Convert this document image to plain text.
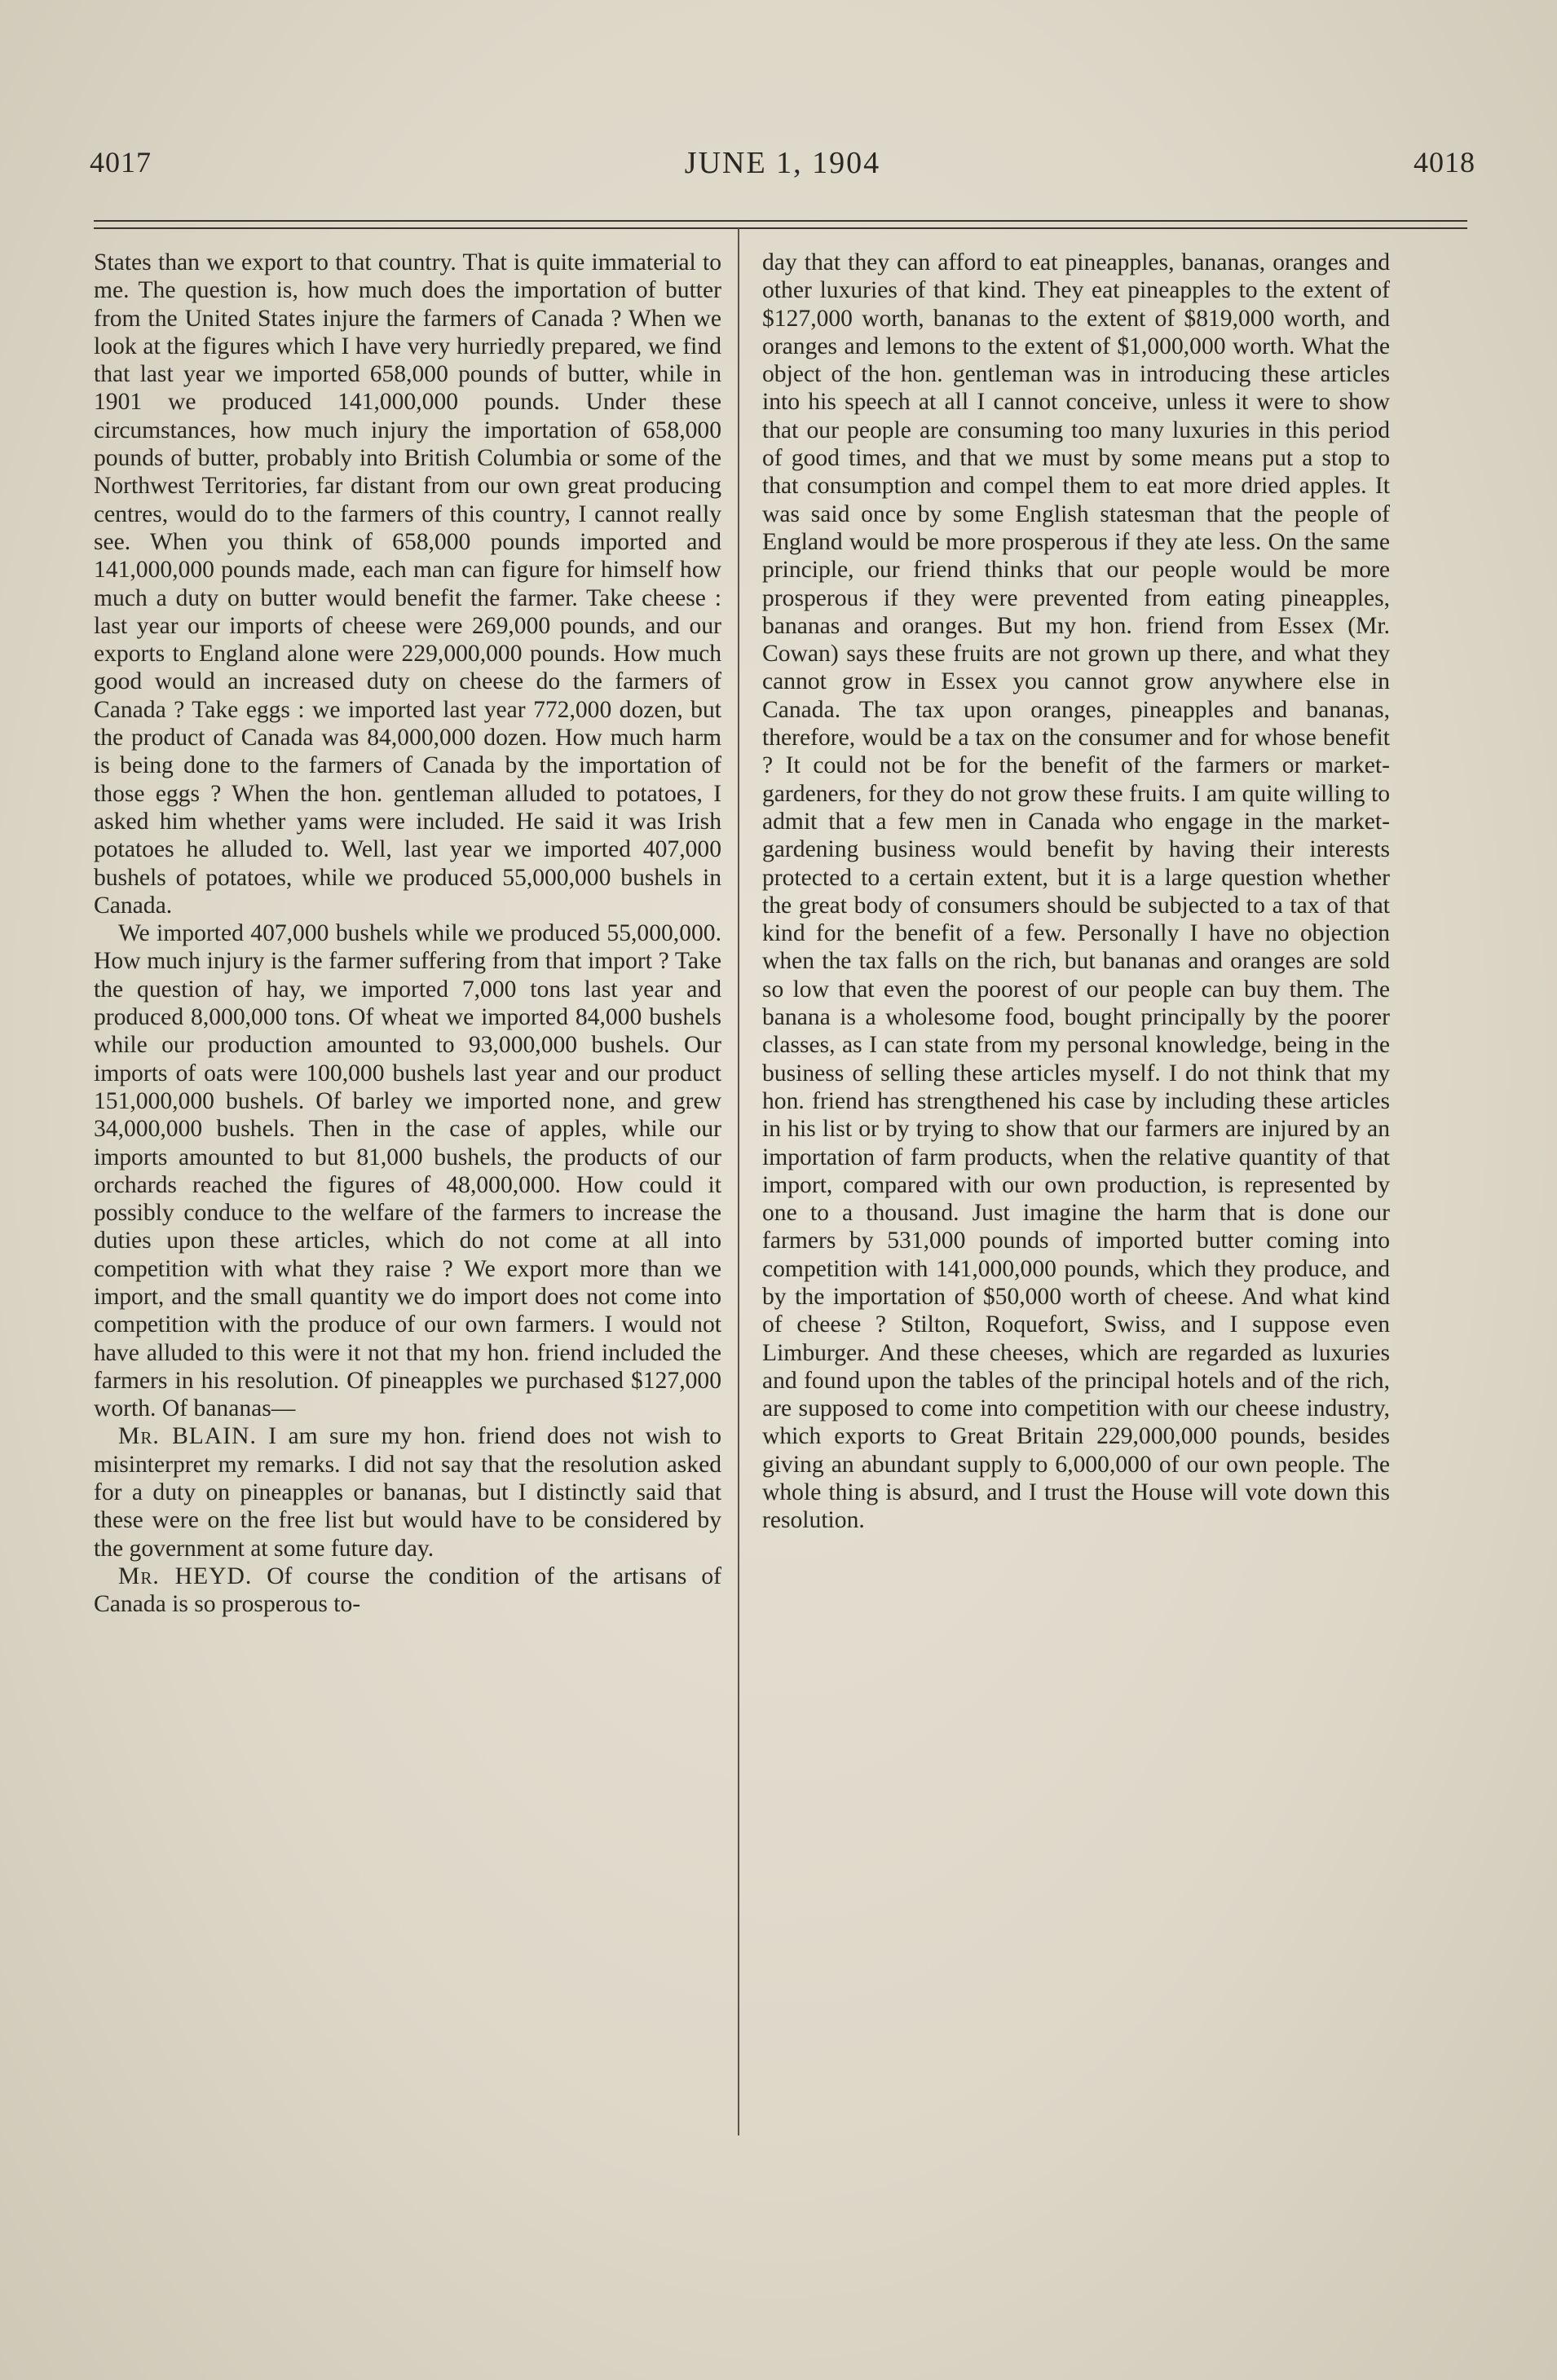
4017	JUNE 1, 1904	4018

States than we export to that country. That is quite immaterial to me. The question is, how much does the importation of butter from the United States injure the farmers of Canada ? When we look at the figures which I have very hurriedly prepared, we find that last year we imported 658,000 pounds of butter, while in 1901 we produced 141,000,000 pounds. Under these circumstances, how much injury the importation of 658,000 pounds of butter, probably into British Columbia or some of the Northwest Territories, far distant from our own great producing centres, would do to the farmers of this country, I cannot really see. When you think of 658,000 pounds imported and 141,000,000 pounds made, each man can figure for himself how much a duty on butter would benefit the farmer. Take cheese : last year our imports of cheese were 269,000 pounds, and our exports to England alone were 229,000,000 pounds. How much good would an increased duty on cheese do the farmers of Canada ? Take eggs : we imported last year 772,000 dozen, but the product of Canada was 84,000,000 dozen. How much harm is being done to the farmers of Canada by the importation of those eggs ? When the hon. gentleman alluded to potatoes, I asked him whether yams were included. He said it was Irish potatoes he alluded to. Well, last year we imported 407,000 bushels of potatoes, while we produced 55,000,000 bushels in Canada.

We imported 407,000 bushels while we produced 55,000,000. How much injury is the farmer suffering from that import ? Take the question of hay, we imported 7,000 tons last year and produced 8,000,000 tons. Of wheat we imported 84,000 bushels while our production amounted to 93,000,000 bushels. Our imports of oats were 100,000 bushels last year and our product 151,000,000 bushels. Of barley we imported none, and grew 34,000,000 bushels. Then in the case of apples, while our imports amounted to but 81,000 bushels, the products of our orchards reached the figures of 48,000,000. How could it possibly conduce to the welfare of the farmers to increase the duties upon these articles, which do not come at all into competition with what they raise ? We export more than we import, and the small quantity we do import does not come into competition with the produce of our own farmers. I would not have alluded to this were it not that my hon. friend included the farmers in his resolution. Of pineapples we purchased $127,000 worth. Of bananas—

Mr. BLAIN. I am sure my hon. friend does not wish to misinterpret my remarks. I did not say that the resolution asked for a duty on pineapples or bananas, but I distinctly said that these were on the free list but would have to be considered by the government at some future day.

Mr. HEYD. Of course the condition of the artisans of Canada is so prosperous to-

day that they can afford to eat pineapples, bananas, oranges and other luxuries of that kind. They eat pineapples to the extent of $127,000 worth, bananas to the extent of $819,000 worth, and oranges and lemons to the extent of $1,000,000 worth. What the object of the hon. gentleman was in introducing these articles into his speech at all I cannot conceive, unless it were to show that our people are consuming too many luxuries in this period of good times, and that we must by some means put a stop to that consumption and compel them to eat more dried apples. It was said once by some English statesman that the people of England would be more prosperous if they ate less. On the same principle, our friend thinks that our people would be more prosperous if they were prevented from eating pineapples, bananas and oranges. But my hon. friend from Essex (Mr. Cowan) says these fruits are not grown up there, and what they cannot grow in Essex you cannot grow anywhere else in Canada. The tax upon oranges, pineapples and bananas, therefore, would be a tax on the consumer and for whose benefit ? It could not be for the benefit of the farmers or market-gardeners, for they do not grow these fruits. I am quite willing to admit that a few men in Canada who engage in the market-gardening business would benefit by having their interests protected to a certain extent, but it is a large question whether the great body of consumers should be subjected to a tax of that kind for the benefit of a few. Personally I have no objection when the tax falls on the rich, but bananas and oranges are sold so low that even the poorest of our people can buy them. The banana is a wholesome food, bought principally by the poorer classes, as I can state from my personal knowledge, being in the business of selling these articles myself. I do not think that my hon. friend has strengthened his case by including these articles in his list or by trying to show that our farmers are injured by an importation of farm products, when the relative quantity of that import, compared with our own production, is represented by one to a thousand. Just imagine the harm that is done our farmers by 531,000 pounds of imported butter coming into competition with 141,000,000 pounds, which they produce, and by the importation of $50,000 worth of cheese. And what kind of cheese ? Stilton, Roquefort, Swiss, and I suppose even Limburger. And these cheeses, which are regarded as luxuries and found upon the tables of the principal hotels and of the rich, are supposed to come into competition with our cheese industry, which exports to Great Britain 229,000,000 pounds, besides giving an abundant supply to 6,000,000 of our own people. The whole thing is absurd, and I trust the House will vote down this resolution.
